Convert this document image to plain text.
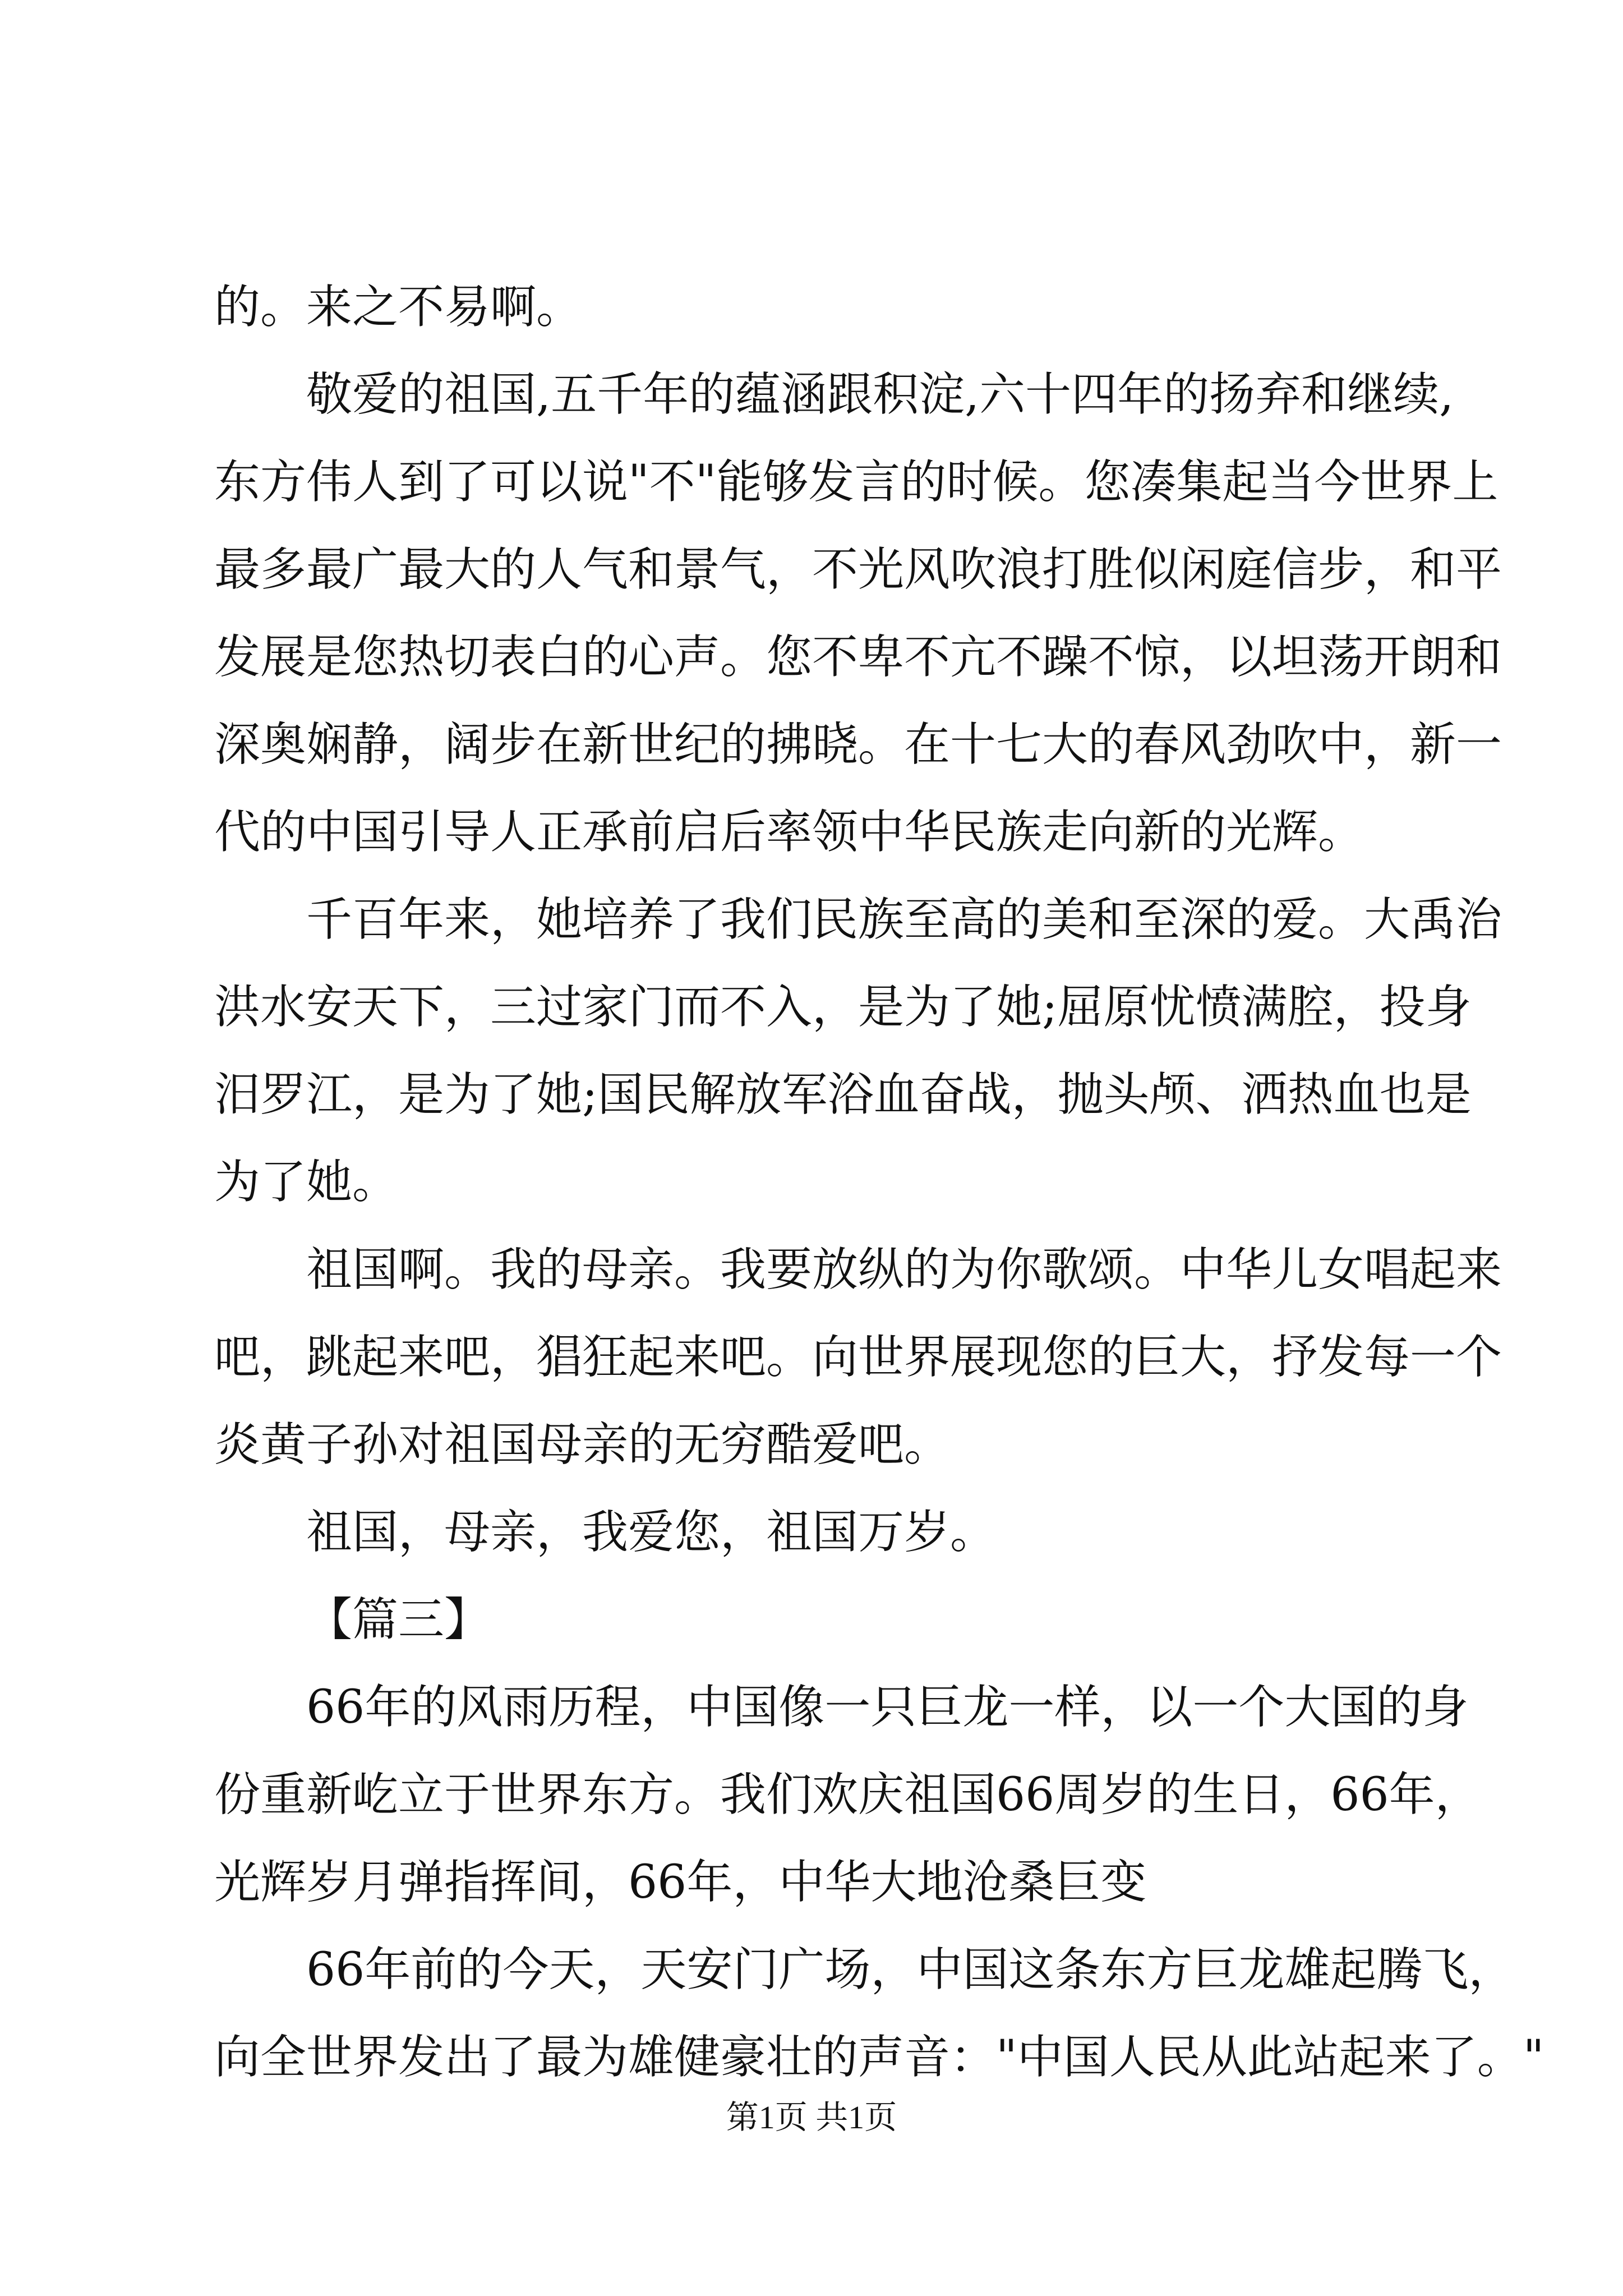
的。来之不易啊。
敬爱的祖国,五千年的蕴涵跟积淀,六十四年的扬弃和继续,
东方伟人到了可以说"不"能够发言的时候。您凑集起当今世界上
最多最广最大的人气和景气，不光风吹浪打胜似闲庭信步，和平
发展是您热切表白的心声。您不卑不亢不躁不惊，以坦荡开朗和
深奥娴静，阔步在新世纪的拂晓。在十七大的春风劲吹中，新一
代的中国引导人正承前启后率领中华民族走向新的光辉。
千百年来，她培养了我们民族至高的美和至深的爱。大禹治
洪水安天下，三过家门而不入，是为了她;屈原忧愤满腔，投身
汨罗江，是为了她;国民解放军浴血奋战，抛头颅、洒热血也是
为了她。
祖国啊。我的母亲。我要放纵的为你歌颂。中华儿女唱起来
吧，跳起来吧，猖狂起来吧。向世界展现您的巨大，抒发每一个
炎黄子孙对祖国母亲的无穷酷爱吧。
祖国，母亲，我爱您，祖国万岁。
【篇三】
66年的风雨历程，中国像一只巨龙一样，以一个大国的身
份重新屹立于世界东方。我们欢庆祖国66周岁的生日，66年，
光辉岁月弹指挥间，66年，中华大地沧桑巨变
66年前的今天，天安门广场，中国这条东方巨龙雄起腾飞，
向全世界发出了最为雄健豪壮的声音："中国人民从此站起来了。"
第1页 共1页
